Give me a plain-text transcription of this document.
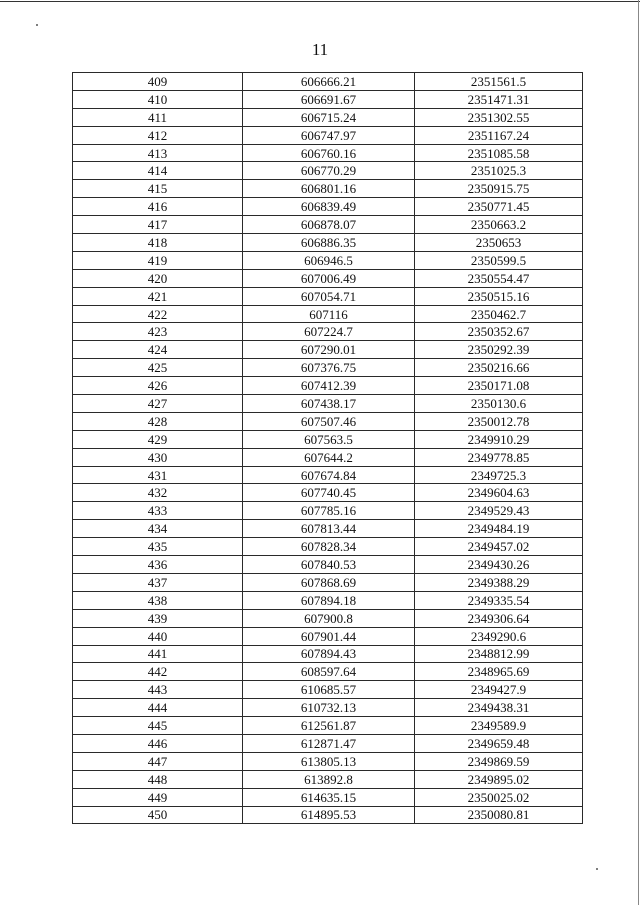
11
409	606666.21	2351561.5
410	606691.67	2351471.31
411	606715.24	2351302.55
412	606747.97	2351167.24
413	606760.16	2351085.58
414	606770.29	2351025.3
415	606801.16	2350915.75
416	606839.49	2350771.45
417	606878.07	2350663.2
418	606886.35	2350653
419	606946.5	2350599.5
420	607006.49	2350554.47
421	607054.71	2350515.16
422	607116	2350462.7
423	607224.7	2350352.67
424	607290.01	2350292.39
425	607376.75	2350216.66
426	607412.39	2350171.08
427	607438.17	2350130.6
428	607507.46	2350012.78
429	607563.5	2349910.29
430	607644.2	2349778.85
431	607674.84	2349725.3
432	607740.45	2349604.63
433	607785.16	2349529.43
434	607813.44	2349484.19
435	607828.34	2349457.02
436	607840.53	2349430.26
437	607868.69	2349388.29
438	607894.18	2349335.54
439	607900.8	2349306.64
440	607901.44	2349290.6
441	607894.43	2348812.99
442	608597.64	2348965.69
443	610685.57	2349427.9
444	610732.13	2349438.31
445	612561.87	2349589.9
446	612871.47	2349659.48
447	613805.13	2349869.59
448	613892.8	2349895.02
449	614635.15	2350025.02
450	614895.53	2350080.81
